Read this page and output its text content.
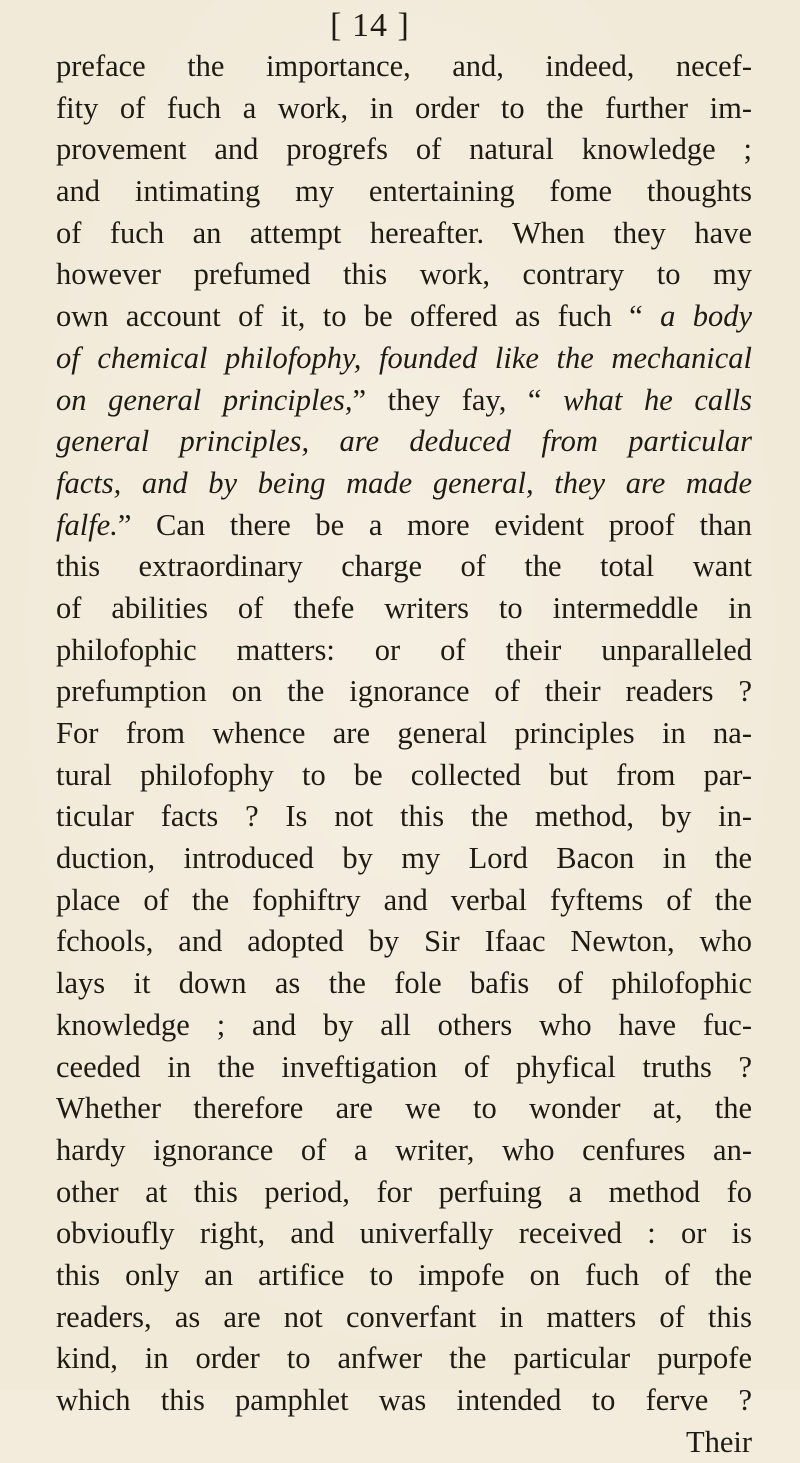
[ 14 ]
preface the importance, and, indeed, necef-
fity of fuch a work, in order to the further im-
provement and progrefs of natural knowledge ;
and intimating my entertaining fome thoughts
of fuch an attempt hereafter. When they have
however prefumed this work, contrary to my
own account of it, to be offered as fuch “ a body
of chemical philofophy, founded like the mechanical
on general principles,” they fay, “ what he calls
general principles, are deduced from particular
facts, and by being made general, they are made
falfe.” Can there be a more evident proof than
this extraordinary charge of the total want
of abilities of thefe writers to intermeddle in
philofophic matters: or of their unparalleled
prefumption on the ignorance of their readers ?
For from whence are general principles in na-
tural philofophy to be collected but from par-
ticular facts ? Is not this the method, by in-
duction, introduced by my Lord Bacon in the
place of the fophiftry and verbal fyftems of the
fchools, and adopted by Sir Ifaac Newton, who
lays it down as the fole bafis of philofophic
knowledge ; and by all others who have fuc-
ceeded in the inveftigation of phyfical truths ?
Whether therefore are we to wonder at, the
hardy ignorance of a writer, who cenfures an-
other at this period, for perfuing a method fo
obvioufly right, and univerfally received : or is
this only an artifice to impofe on fuch of the
readers, as are not converfant in matters of this
kind, in order to anfwer the particular purpofe
which this pamphlet was intended to ferve ?
Their
